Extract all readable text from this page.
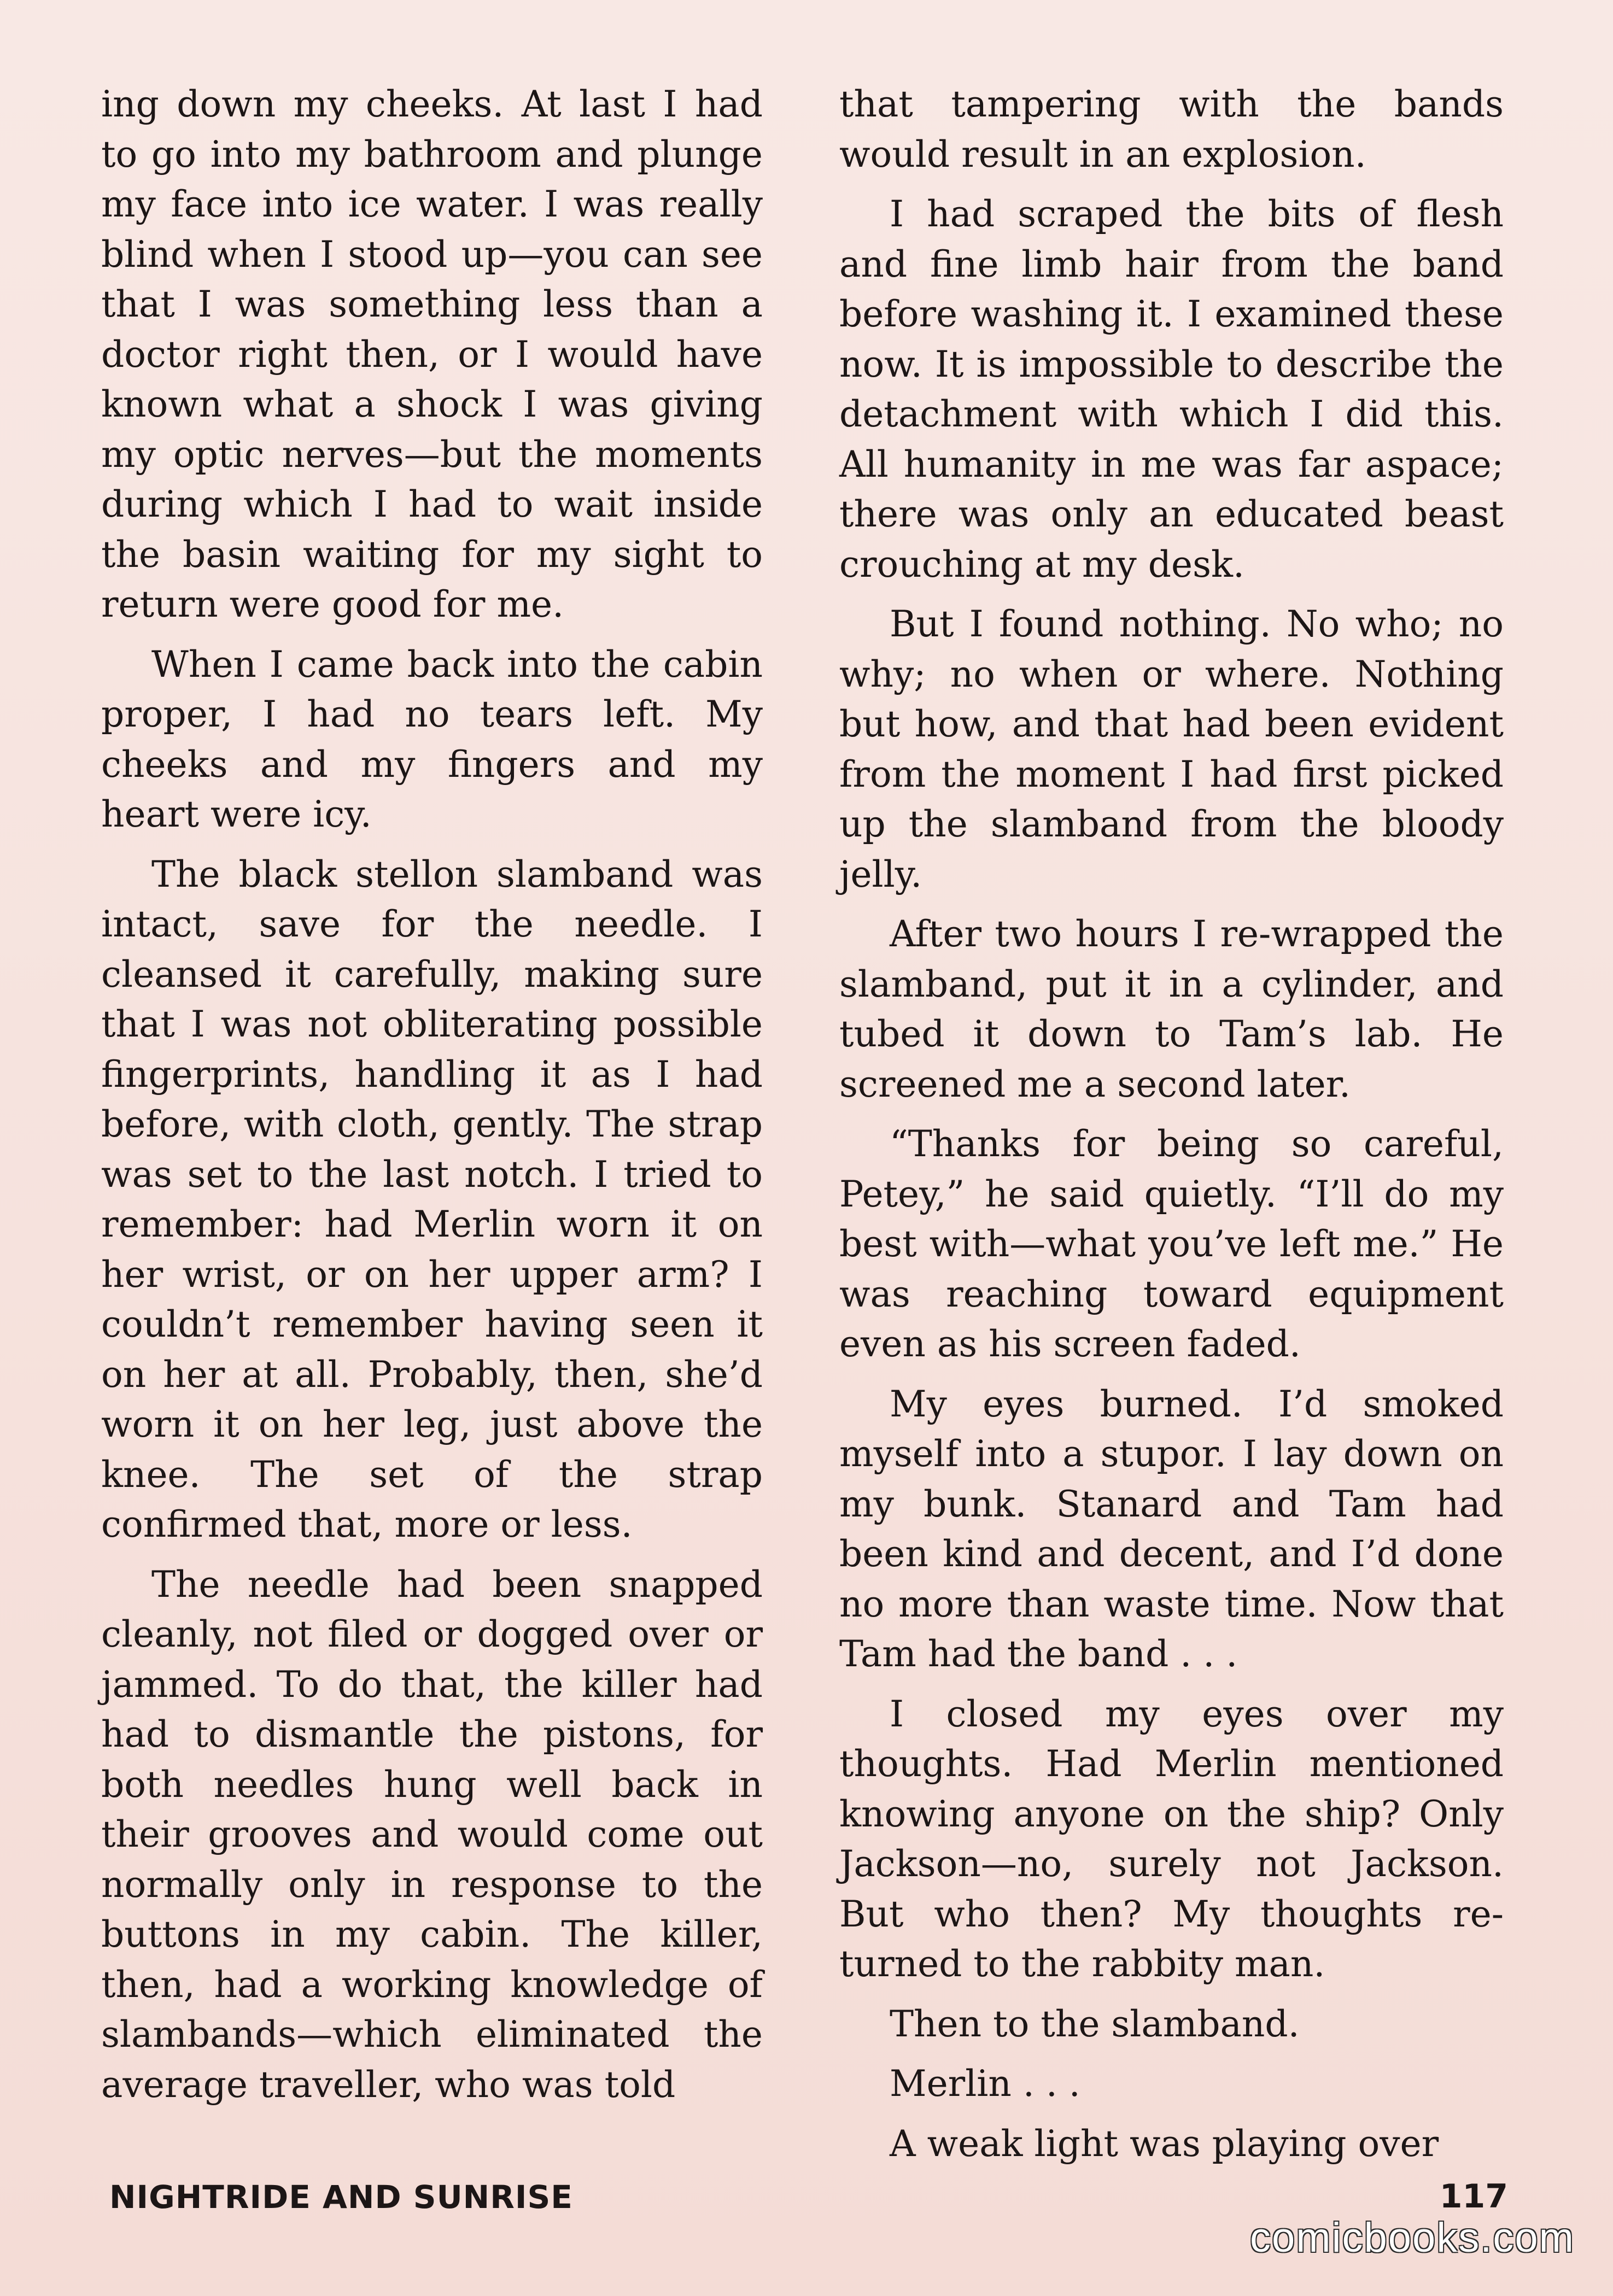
ing down my cheeks. At last I had to go into my bathroom and plunge my face into ice water. I was really blind when I stood up—you can see that I was something less than a doctor right then, or I would have known what a shock I was giving my optic nerves—but the moments during which I had to wait inside the basin waiting for my sight to return were good for me.

When I came back into the cabin proper, I had no tears left. My cheeks and my fingers and my heart were icy.

The black stellon slamband was intact, save for the needle. I cleansed it carefully, making sure that I was not obliterating possible fingerprints, handling it as I had before, with cloth, gently. The strap was set to the last notch. I tried to remember: had Merlin worn it on her wrist, or on her upper arm? I couldn’t remember having seen it on her at all. Probably, then, she’d worn it on her leg, just above the knee. The set of the strap confirmed that, more or less.

The needle had been snapped cleanly, not filed or dogged over or jammed. To do that, the killer had had to dismantle the pistons, for both needles hung well back in their grooves and would come out normally only in response to the buttons in my cabin. The killer, then, had a working knowledge of slambands—which eliminated the average traveller, who was told

that tampering with the bands would result in an explosion.

I had scraped the bits of flesh and fine limb hair from the band before washing it. I examined these now. It is impossible to describe the detachment with which I did this. All humanity in me was far aspace; there was only an educated beast crouching at my desk.

But I found nothing. No who; no why; no when or where. Nothing but how, and that had been evident from the moment I had first picked up the slamband from the bloody jelly.

After two hours I re-wrapped the slamband, put it in a cylinder, and tubed it down to Tam’s lab. He screened me a second later.

“Thanks for being so careful, Petey,” he said quietly. “I’ll do my best with—what you’ve left me.” He was reaching toward equipment even as his screen faded.

My eyes burned. I’d smoked myself into a stupor. I lay down on my bunk. Stanard and Tam had been kind and decent, and I’d done no more than waste time. Now that Tam had the band . . .

I closed my eyes over my thoughts. Had Merlin mentioned knowing anyone on the ship? Only Jackson—no, surely not Jackson. But who then? My thoughts returned to the rabbity man.

Then to the slamband.

Merlin . . .

A weak light was playing over

NIGHTRIDE AND SUNRISE	117
comicbooks.com
